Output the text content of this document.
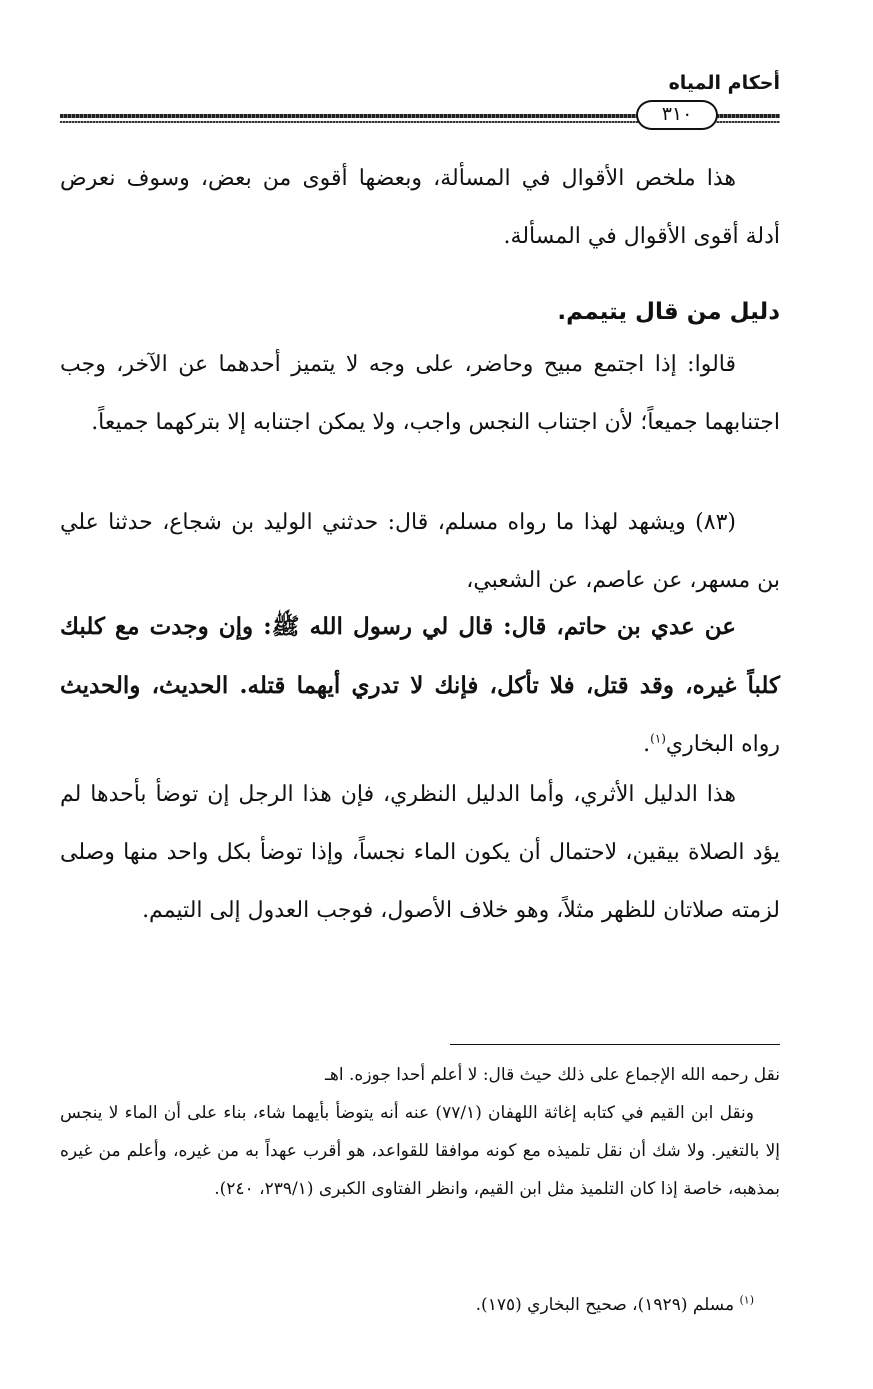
أحكام المياه
٣١٠

هذا ملخص الأقوال في المسألة، وبعضها أقوى من بعض، وسوف نعرض أدلة أقوى الأقوال في المسألة.

دليل من قال يتيمم.

قالوا: إذا اجتمع مبيح وحاضر، على وجه لا يتميز أحدهما عن الآخر، وجب اجتنابهما جميعاً؛ لأن اجتناب النجس واجب، ولا يمكن اجتنابه إلا بتركهما جميعاً.

(٨٣) ويشهد لهذا ما رواه مسلم، قال: حدثني الوليد بن شجاع، حدثنا علي بن مسهر، عن عاصم، عن الشعبي،

عن عدي بن حاتم، قال: قال لي رسول الله ﷺ: وإن وجدت مع كلبك كلباً غيره، وقد قتل، فلا تأكل، فإنك لا تدري أيهما قتله. الحديث، والحديث رواه البخاري$^{(١)}$.

هذا الدليل الأثري، وأما الدليل النظري، فإن هذا الرجل إن توضأ بأحدها لم يؤد الصلاة بيقين، لاحتمال أن يكون الماء نجساً، وإذا توضأ بكل واحد منها وصلى لزمته صلاتان للظهر مثلاً، وهو خلاف الأصول، فوجب العدول إلى التيمم.

نقل رحمه الله الإجماع على ذلك حيث قال: لا أعلم أحدا جوزه. اهـ

ونقل ابن القيم في كتابه إغاثة اللهفان (٧٧/١) عنه أنه يتوضأ بأيهما شاء، بناء على أن الماء لا ينجس إلا بالتغير. ولا شك أن نقل تلميذه مع كونه موافقا للقواعد، هو أقرب عهداً به من غيره، وأعلم من غيره بمذهبه، خاصة إذا كان التلميذ مثل ابن القيم، وانظر الفتاوى الكبرى (٢٣٩/١، ٢٤٠).

$^{(١)}$ مسلم (١٩٢٩)، صحيح البخاري (١٧٥).
